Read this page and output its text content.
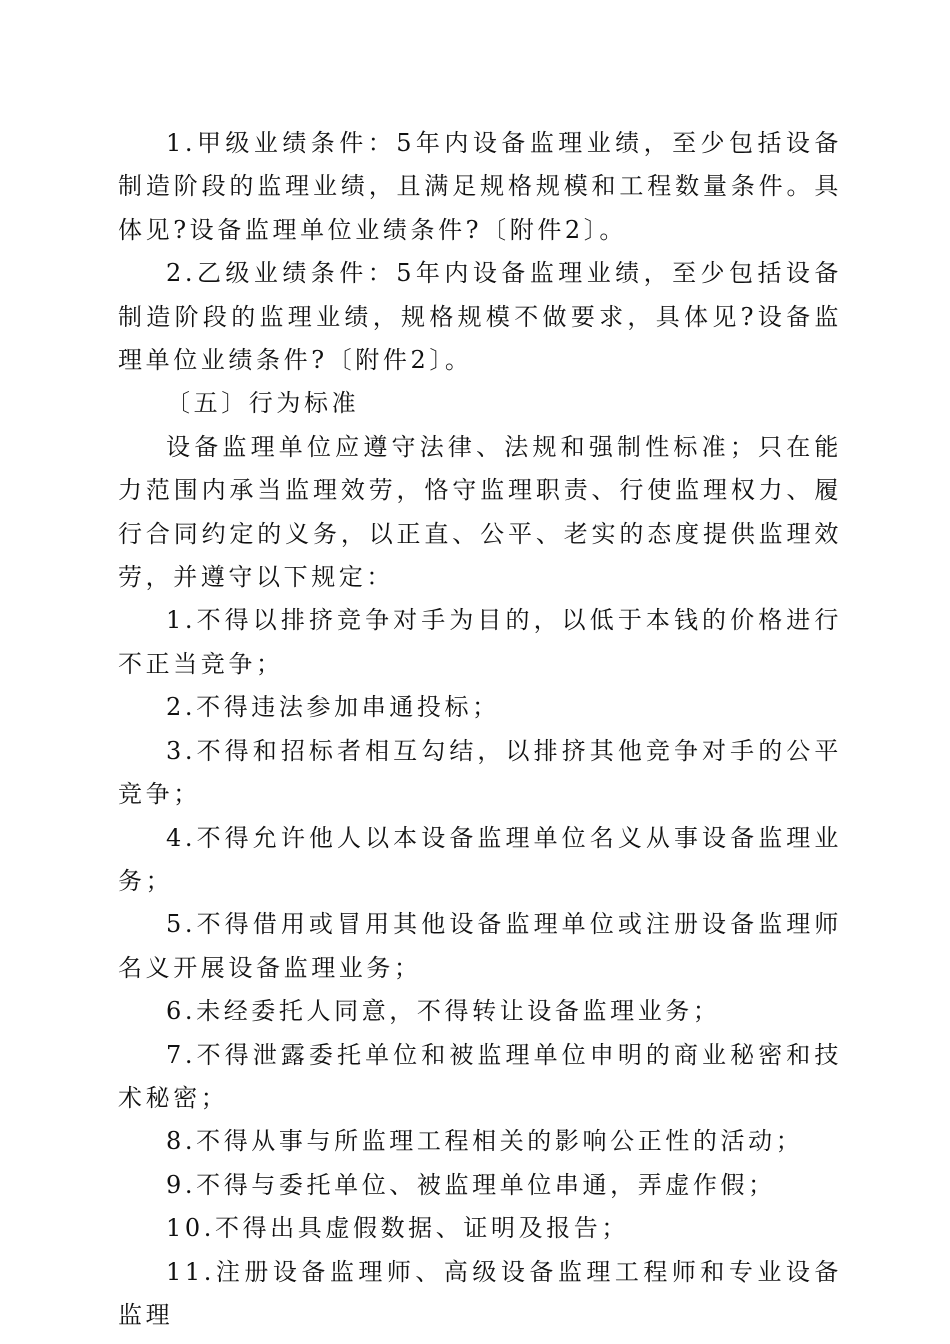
1.甲级业绩条件：5年内设备监理业绩，至少包括设备制造阶段的监理业绩，且满足规格规模和工程数量条件。具体见?设备监理单位业绩条件?〔附件2〕。

2.乙级业绩条件：5年内设备监理业绩，至少包括设备制造阶段的监理业绩，规格规模不做要求，具体见?设备监理单位业绩条件?〔附件2〕。

〔五〕行为标准

设备监理单位应遵守法律、法规和强制性标准；只在能力范围内承当监理效劳，恪守监理职责、行使监理权力、履行合同约定的义务，以正直、公平、老实的态度提供监理效劳，并遵守以下规定：

1.不得以排挤竞争对手为目的，以低于本钱的价格进行不正当竞争；

2.不得违法参加串通投标；

3.不得和招标者相互勾结，以排挤其他竞争对手的公平竞争；

4.不得允许他人以本设备监理单位名义从事设备监理业务；

5.不得借用或冒用其他设备监理单位或注册设备监理师名义开展设备监理业务；

6.未经委托人同意，不得转让设备监理业务；

7.不得泄露委托单位和被监理单位申明的商业秘密和技术秘密；

8.不得从事与所监理工程相关的影响公正性的活动；

9.不得与委托单位、被监理单位串通，弄虚作假；

10.不得出具虚假数据、证明及报告；

11.注册设备监理师、高级设备监理工程师和专业设备监理
